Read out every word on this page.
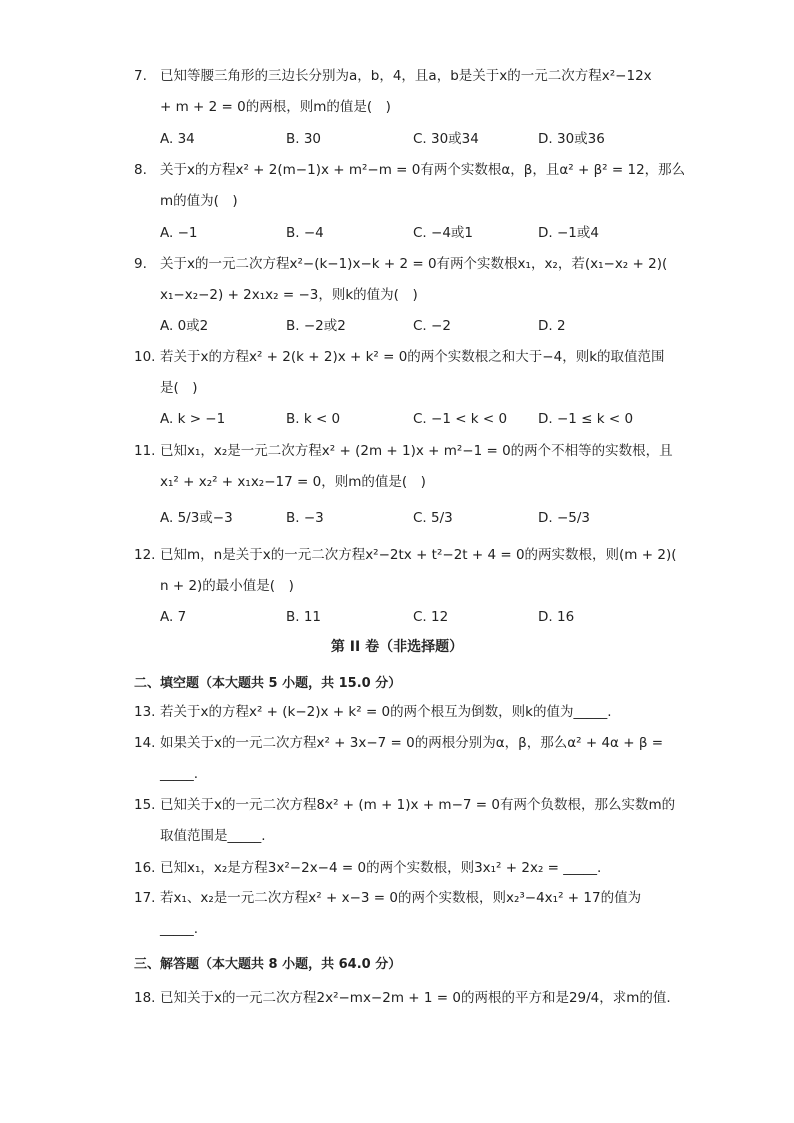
7. 已知等腰三角形的三边长分别为a，b，4，且a，b是关于x的一元二次方程x²−12x
+ m + 2 = 0的两根，则m的值是(　)
A. 34	B. 30	C. 30或34	D. 30或36
8. 关于x的方程x² + 2(m−1)x + m²−m = 0有两个实数根α，β，且α² + β² = 12，那么
m的值为(　)
A. −1	B. −4	C. −4或1	D. −1或4
9. 关于x的一元二次方程x²−(k−1)x−k + 2 = 0有两个实数根x₁，x₂，若(x₁−x₂ + 2)(
x₁−x₂−2) + 2x₁x₂ = −3，则k的值为(　)
A. 0或2	B. −2或2	C. −2	D. 2
10. 若关于x的方程x² + 2(k + 2)x + k² = 0的两个实数根之和大于−4，则k的取值范围
是(　)
A. k > −1	B. k < 0	C. −1 < k < 0 D. −1 ≤ k < 0
11. 已知x₁，x₂是一元二次方程x² + (2m + 1)x + m²−1 = 0的两个不相等的实数根，且
x₁² + x₂² + x₁x₂−17 = 0，则m的值是(　)
A. 5/3或−3	B. −3	C. 5/3	D. −5/3
12. 已知m，n是关于x的一元二次方程x²−2tx + t²−2t + 4 = 0的两实数根，则(m + 2)(
n + 2)的最小值是(　)
A. 7	B. 11	C. 12	D. 16
第 II 卷（非选择题）
二、填空题（本大题共 5 小题，共 15.0 分）
13. 若关于x的方程x² + (k−2)x + k² = 0的两个根互为倒数，则k的值为_____.
14. 如果关于x的一元二次方程x² + 3x−7 = 0的两根分别为α，β，那么α² + 4α + β =
_____.
15. 已知关于x的一元二次方程8x² + (m + 1)x + m−7 = 0有两个负数根，那么实数m的
取值范围是_____.
16. 已知x₁，x₂是方程3x²−2x−4 = 0的两个实数根，则3x₁² + 2x₂ = _____.
17. 若x₁、x₂是一元二次方程x² + x−3 = 0的两个实数根，则x₂³−4x₁² + 17的值为
_____.
三、解答题（本大题共 8 小题，共 64.0 分）
18. 已知关于x的一元二次方程2x²−mx−2m + 1 = 0的两根的平方和是29/4，求m的值.
